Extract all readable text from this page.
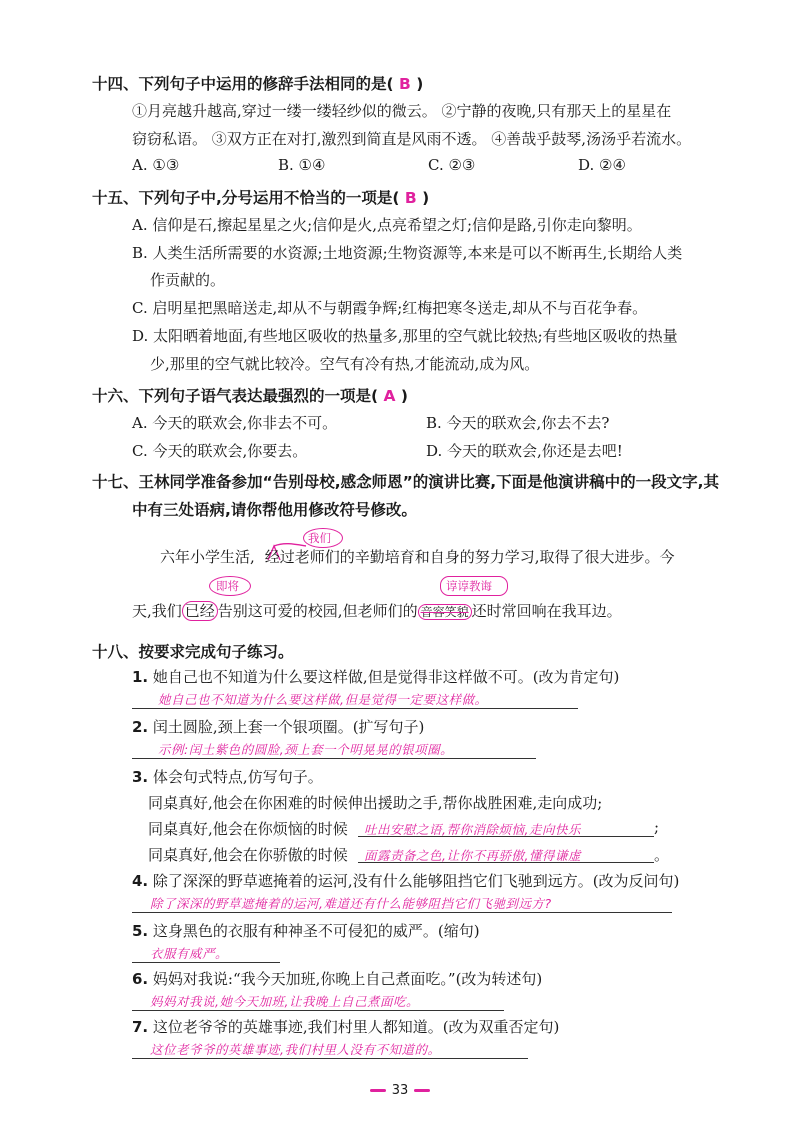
十四、下列句子中运用的修辞手法相同的是( B )
①月亮越升越高,穿过一缕一缕轻纱似的微云。 ②宁静的夜晚,只有那天上的星星在
窃窃私语。 ③双方正在对打,激烈到简直是风雨不透。 ④善哉乎鼓琴,汤汤乎若流水。
A. ①③	B. ①④	C. ②③	D. ②④
十五、下列句子中,分号运用不恰当的一项是( B )
A. 信仰是石,擦起星星之火;信仰是火,点亮希望之灯;信仰是路,引你走向黎明。
B. 人类生活所需要的水资源;土地资源;生物资源等,本来是可以不断再生,长期给人类
作贡献的。
C. 启明星把黑暗送走,却从不与朝霞争辉;红梅把寒冬送走,却从不与百花争春。
D. 太阳晒着地面,有些地区吸收的热量多,那里的空气就比较热;有些地区吸收的热量
少,那里的空气就比较冷。空气有冷有热,才能流动,成为风。
十六、下列句子语气表达最强烈的一项是( A )
A. 今天的联欢会,你非去不可。	B. 今天的联欢会,你去不去?
C. 今天的联欢会,你要去。	D. 今天的联欢会,你还是去吧!
十七、王林同学准备参加“告别母校,感念师恩”的演讲比赛,下面是他演讲稿中的一段文字,其
中有三处语病,请你帮他用修改符号修改。
我们
六年小学生活, 经过老师们的辛勤培育和自身的努力学习,取得了很大进步。今
即将	谆谆教诲
天,我们 已经 告别这可爱的校园,但老师们的 音容笑貌 还时常回响在我耳边。
十八、按要求完成句子练习。
1. 她自己也不知道为什么要这样做,但是觉得非这样做不可。(改为肯定句)
她自己也不知道为什么要这样做,但是觉得一定要这样做。
2. 闰土圆脸,颈上套一个银项圈。(扩写句子)
示例:闰土紫色的圆脸,颈上套一个明晃晃的银项圈。
3. 体会句式特点,仿写句子。
同桌真好,他会在你困难的时候伸出援助之手,帮你战胜困难,走向成功;
同桌真好,他会在你烦恼的时候 吐出安慰之语,帮你消除烦恼,走向快乐	;
同桌真好,他会在你骄傲的时候 面露责备之色,让你不再骄傲,懂得谦虚	。
4. 除了深深的野草遮掩着的运河,没有什么能够阻挡它们飞驰到远方。(改为反问句)
除了深深的野草遮掩着的运河,难道还有什么能够阻挡它们飞驰到远方?
5. 这身黑色的衣服有种神圣不可侵犯的威严。(缩句)
衣服有威严。
6. 妈妈对我说:“我今天加班,你晚上自己煮面吃。”(改为转述句)
妈妈对我说,她今天加班,让我晚上自己煮面吃。
7. 这位老爷爷的英雄事迹,我们村里人都知道。(改为双重否定句)
这位老爷爷的英雄事迹,我们村里人没有不知道的。
33
